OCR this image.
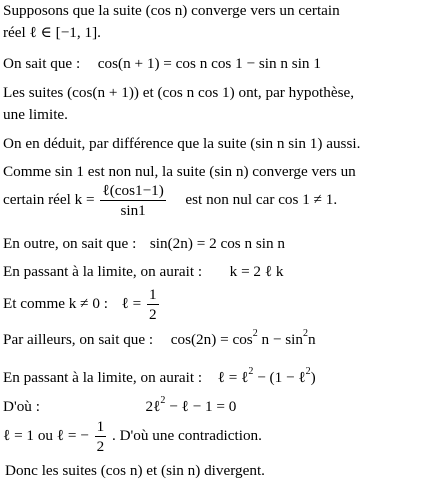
Supposons que la suite (cos n) converge vers un certain
réel ℓ ∈ [−1, 1].
On sait que : cos(n + 1) = cos n cos 1 − sin n sin 1
Les suites (cos(n + 1)) et (cos n cos 1) ont, par hypothèse,
une limite.
On en déduit, par différence que la suite (sin n sin 1) aussi.
Comme sin 1 est non nul, la suite (sin n) converge vers un
certain réel $k = \frac{\text{ℓ(cos1−1)}}{\sin 1}$ est non nul car cos 1 ≠ 1.
En outre, on sait que : sin(2n) = 2 cos n sin n
En passant à la limite, on aurait : k = 2 ℓ k
Et comme k ≠ 0 : ℓ = $\frac{1}{2}$
Par ailleurs, on sait que : $\cos(2n) = \cos^2 n - \sin^2n$
En passant à la limite, on aurait : ℓ = ℓ$^2$ − (1 − ℓ$^2$)
D'où :	2ℓ$^2$ − ℓ − 1 = 0
ℓ = 1 ou ℓ = − $\frac{1}{2}$ . D'où une contradiction.
Donc les suites (cos n) et (sin n) divergent.
